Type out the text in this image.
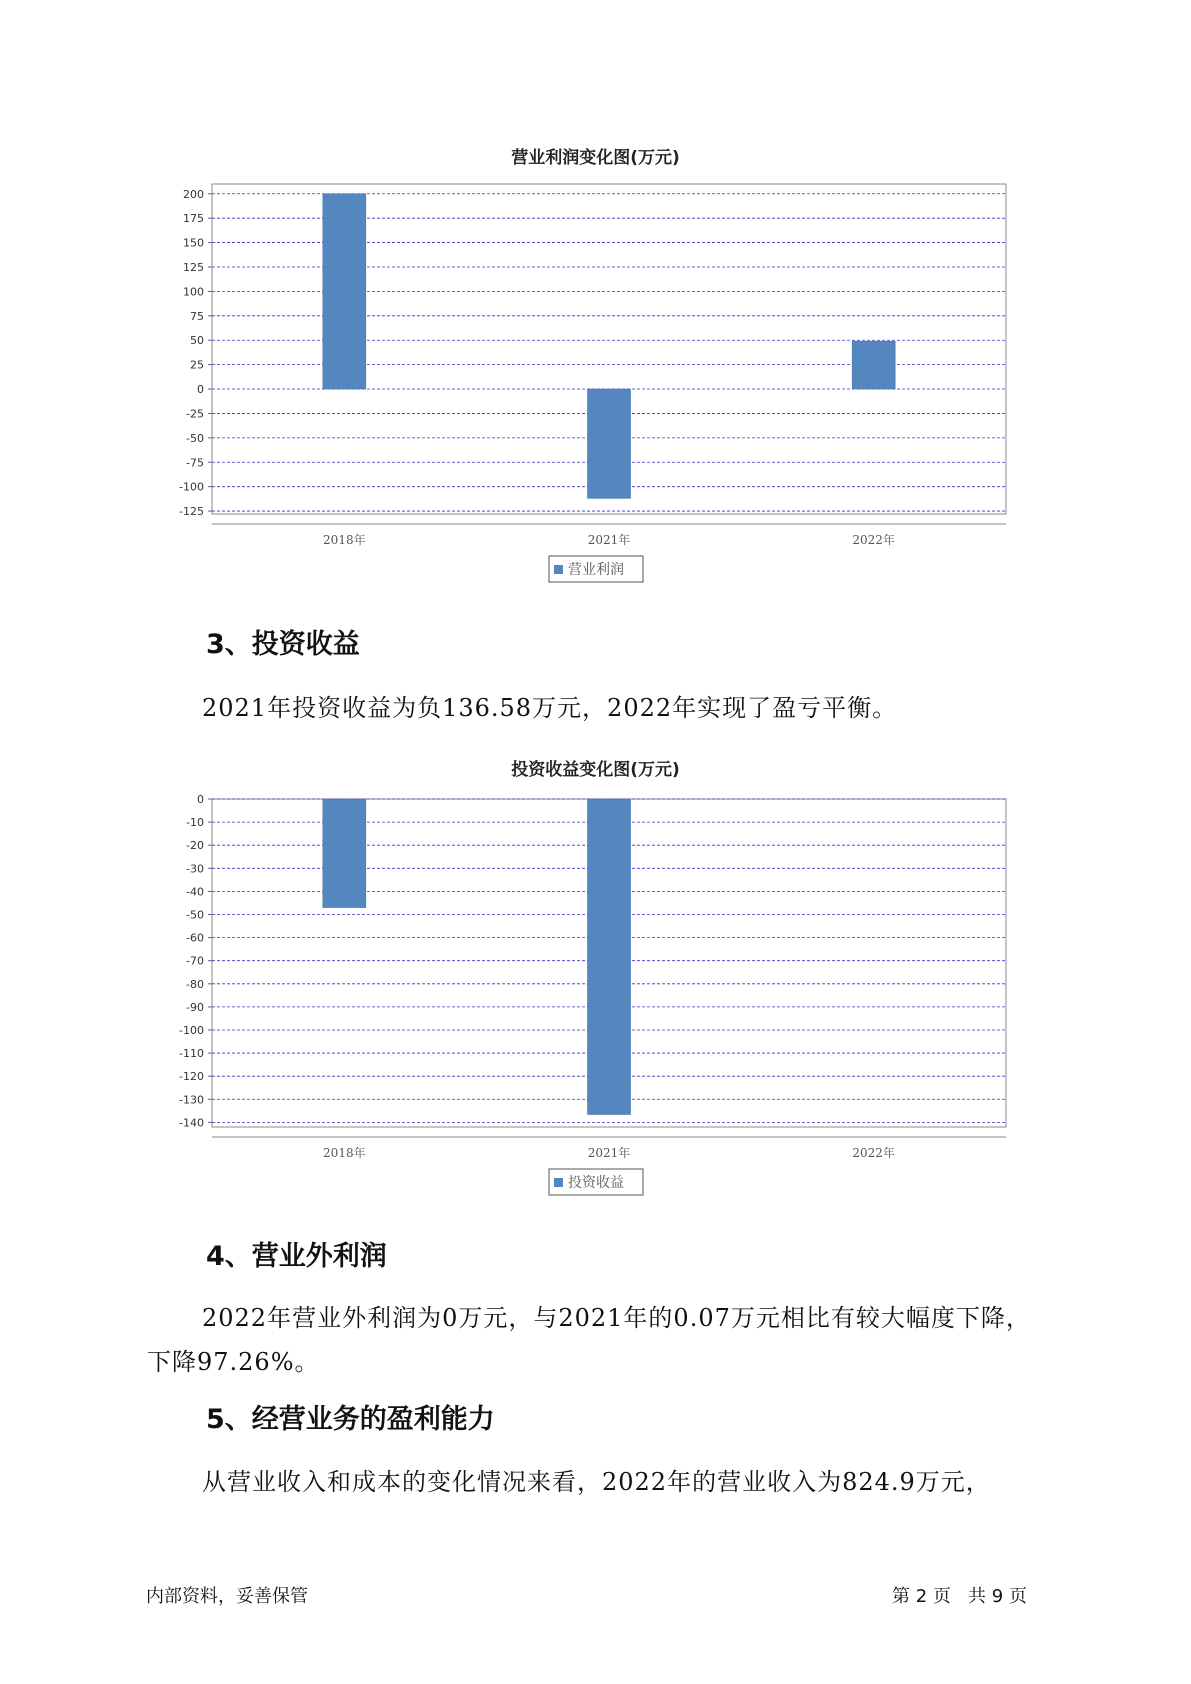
营业利润变化图(万元)
200
175
150
125
100
75
50
25
0
-25
-50
-75
-100
-125
2018年	2021年	2022年
营业利润
3、投资收益

2021年投资收益为负136.58万元，2022年实现了盈亏平衡。

投资收益变化图(万元)
0
-10
-20
-30
-40
-50
-60
-70
-80
-90
-100
-110
-120
-130
-140
2018年	2021年	2022年
投资收益
4、营业外利润

2022年营业外利润为0万元，与2021年的0.07万元相比有较大幅度下降，

下降97.26%。

5、经营业务的盈利能力

从营业收入和成本的变化情况来看，2022年的营业收入为824.9万元，

内部资料，妥善保管	第 2 页   共 9 页
